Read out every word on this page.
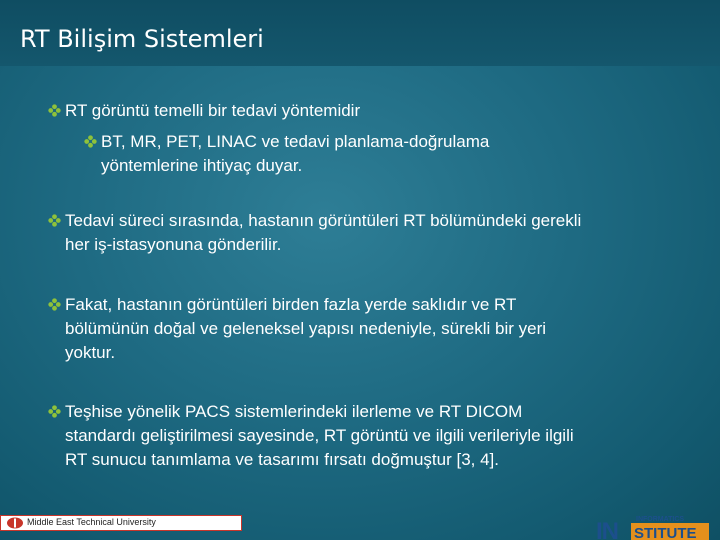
RT Bilişim Sistemleri
RT görüntü temelli bir tedavi yöntemidir
BT, MR, PET, LINAC ve tedavi planlama-doğrulama
yöntemlerine ihtiyaç duyar.
Tedavi süreci sırasında, hastanın görüntüleri RT bölümündeki gerekli
her iş-istasyonuna gönderilir.
Fakat, hastanın görüntüleri birden fazla yerde saklıdır ve RT
bölümünün doğal ve geleneksel yapısı nedeniyle, sürekli bir yeri
yoktur.
Teşhise yönelik PACS sistemlerindeki ilerleme ve RT DICOM
standardı geliştirilmesi sayesinde, RT görüntü ve ilgili verileriyle ilgili
RT sunucu tanımlama ve tasarımı fırsatı doğmuştur [3, 4].
Middle East Technical University	INFORMATICS
IN STITUTE
